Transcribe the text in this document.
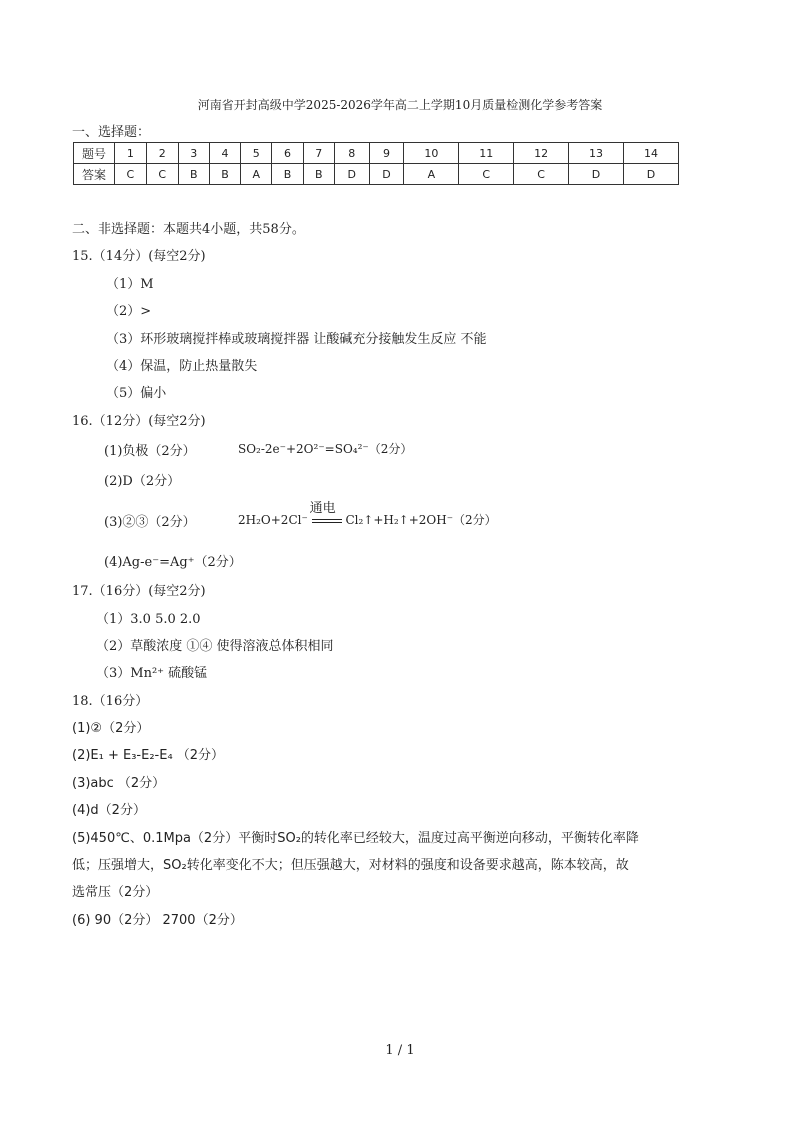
河南省开封高级中学2025-2026学年高二上学期10月质量检测化学参考答案
一、选择题：
题号	1	2	3	4	5	6	7	8	9	10	11	12	13	14
答案	C	C	B	B	A	B	B	D	D	A	C	C	D	D
二、非选择题：本题共4小题，共58分。
15.（14分）(每空2分)
（1）M
（2）>
（3）环形玻璃搅拌棒或玻璃搅拌器 让酸碱充分接触发生反应 不能
（4）保温，防止热量散失
（5）偏小
16.（12分）(每空2分)
(1)负极（2分）	SO₂-2e⁻+2O²⁻=SO₄²⁻（2分）
(2)D（2分）
(3)②③（2分）	2H₂O+2Cl⁻
通电
Cl₂↑+H₂↑+2OH⁻（2分）
(4)Ag-e⁻=Ag⁺（2分）
17.（16分）(每空2分)
（1）3.0 5.0 2.0
（2）草酸浓度 ①④ 使得溶液总体积相同
（3）Mn²⁺ 硫酸锰
18.（16分）
(1)②（2分）
(2)E₁ + E₃-E₂-E₄ （2分）
(3)abc （2分）
(4)d（2分）
(5)450℃、0.1Mpa（2分）平衡时SO₂的转化率已经较大，温度过高平衡逆向移动，平衡转化率降
低；压强增大，SO₂转化率变化不大；但压强越大，对材料的强度和设备要求越高，陈本较高，故
选常压（2分）
(6) 90（2分） 2700（2分）
1 / 1
